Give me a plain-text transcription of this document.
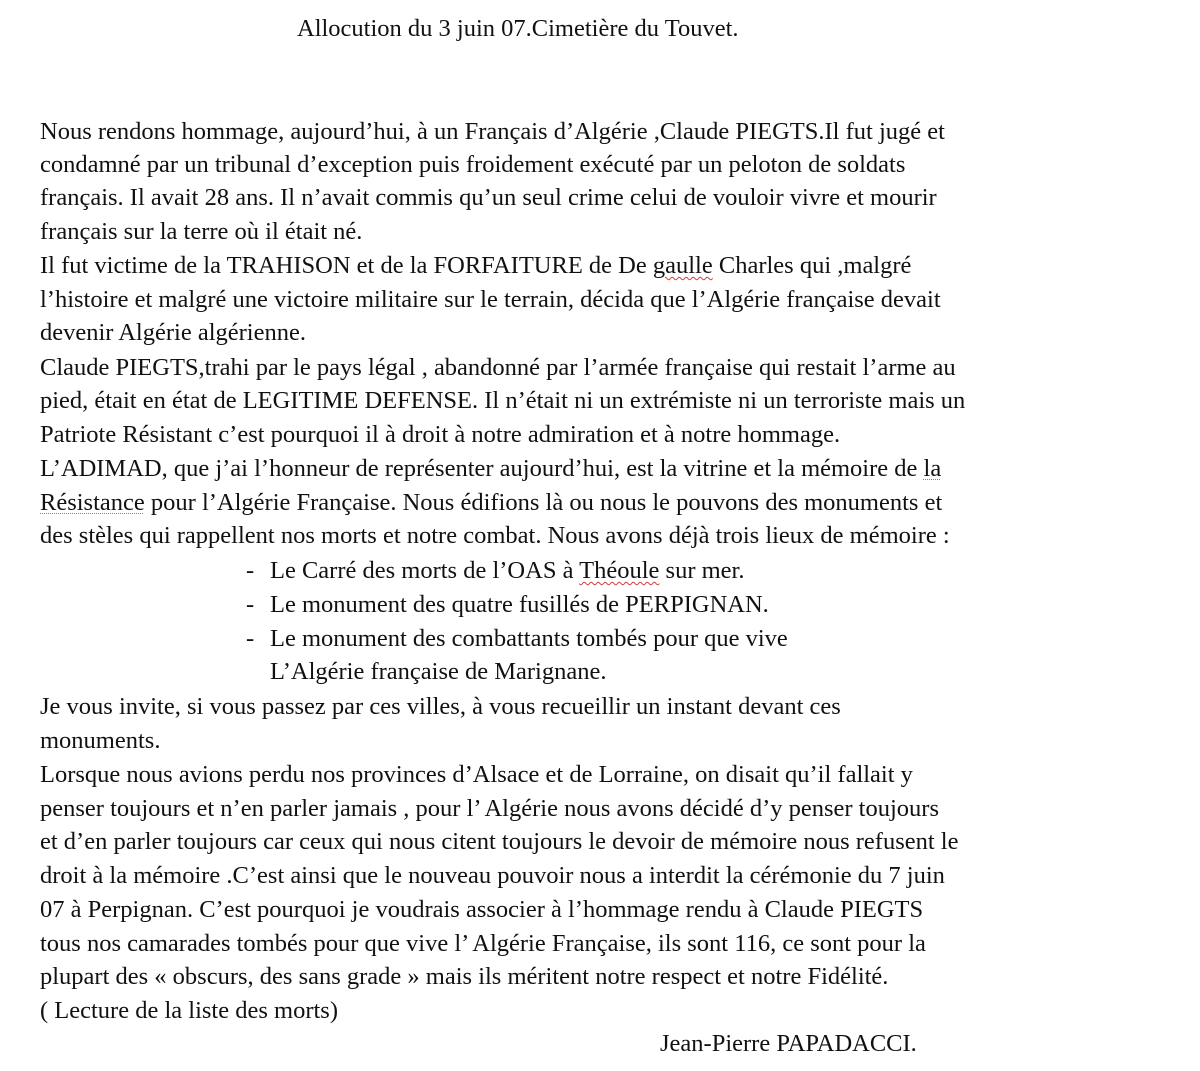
Allocution du 3 juin 07.Cimetière du Touvet.
Nous rendons hommage, aujourd’hui, à un Français d’Algérie ,Claude PIEGTS.Il fut jugé et
condamné par un tribunal d’exception puis froidement exécuté par un peloton de soldats
français. Il avait 28 ans. Il n’avait commis qu’un seul crime celui de vouloir vivre et mourir
français sur la terre où il était né.
Il fut victime de la TRAHISON et de la FORFAITURE de De gaulle Charles qui ,malgré
l’histoire et malgré une victoire militaire sur le terrain, décida que l’Algérie française devait
devenir Algérie algérienne.
Claude PIEGTS,trahi par le pays légal , abandonné par l’armée française qui restait l’arme au
pied, était en état de LEGITIME DEFENSE. Il n’était ni un extrémiste ni un terroriste mais un
Patriote Résistant c’est pourquoi il à droit à notre admiration et à notre hommage.
L’ADIMAD, que j’ai l’honneur de représenter aujourd’hui, est la vitrine et la mémoire de la
Résistance pour l’Algérie Française. Nous édifions là ou nous le pouvons des monuments et
des stèles qui rappellent nos morts et notre combat. Nous avons déjà trois lieux de mémoire :
- Le Carré des morts de l’OAS à Théoule sur mer.
- Le monument des quatre fusillés de PERPIGNAN.
- Le monument des combattants tombés pour que vive
L’Algérie française de Marignane.
Je vous invite, si vous passez par ces villes, à vous recueillir un instant devant ces
monuments.
Lorsque nous avions perdu nos provinces d’Alsace et de Lorraine, on disait qu’il fallait y
penser toujours et n’en parler jamais , pour l’ Algérie nous avons décidé d’y penser toujours
et d’en parler toujours car ceux qui nous citent toujours le devoir de mémoire nous refusent le
droit à la mémoire .C’est ainsi que le nouveau pouvoir nous a interdit la cérémonie du 7 juin
07 à Perpignan. C’est pourquoi je voudrais associer à l’hommage rendu à Claude PIEGTS
tous nos camarades tombés pour que vive l’ Algérie Française, ils sont 116, ce sont pour la
plupart des « obscurs, des sans grade » mais ils méritent notre respect et notre Fidélité.
( Lecture de la liste des morts)
Jean-Pierre PAPADACCI.
